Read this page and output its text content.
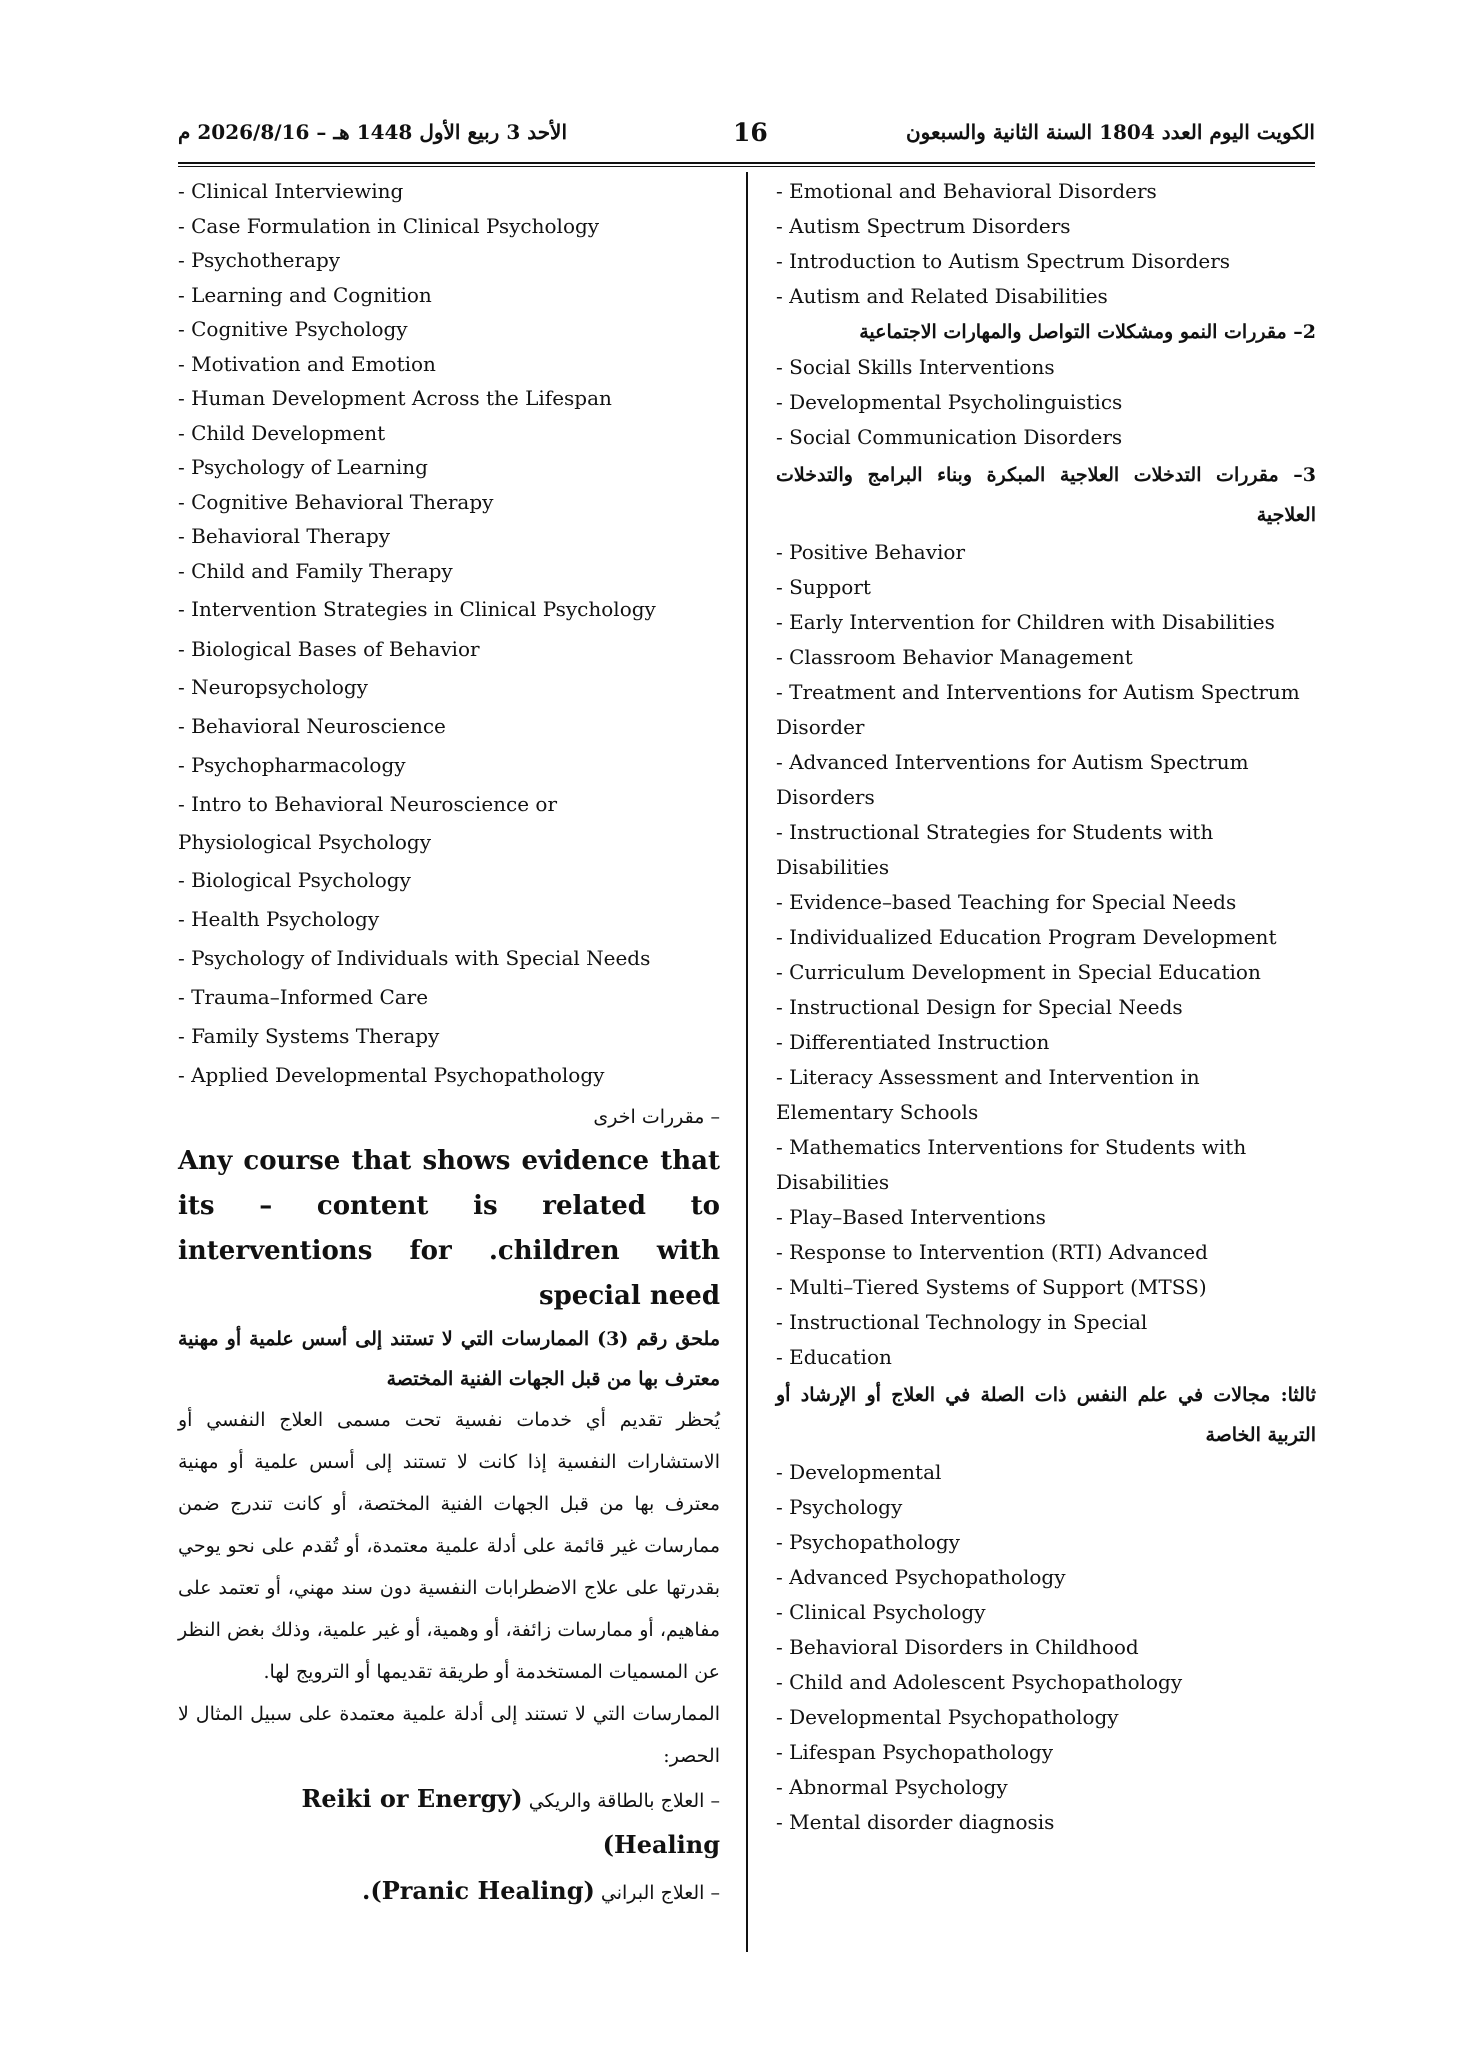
الكويت اليوم العدد 1804 السنة الثانية والسبعون
16
الأحد 3 ربيع الأول 1448 هـ – 2026/8/16 م
- Emotional and Behavioral Disorders
- Autism Spectrum Disorders
- Introduction to Autism Spectrum Disorders
- Autism and Related Disabilities
2– مقررات النمو ومشكلات التواصل والمهارات الاجتماعية
- Social Skills Interventions
- Developmental Psycholinguistics
- Social Communication Disorders
3– مقررات التدخلات العلاجية المبكرة وبناء البرامج والتدخلات العلاجية
- Positive Behavior
- Support
- Early Intervention for Children with Disabilities
- Classroom Behavior Management
- Treatment and Interventions for Autism Spectrum Disorder
- Advanced Interventions for Autism Spectrum Disorders
- Instructional Strategies for Students with Disabilities
- Evidence–based Teaching for Special Needs
- Individualized Education Program Development
- Curriculum Development in Special Education
- Instructional Design for Special Needs
- Differentiated Instruction
- Literacy Assessment and Intervention in Elementary Schools
- Mathematics Interventions for Students with Disabilities
- Play–Based Interventions
- Response to Intervention (RTI) Advanced
- Multi–Tiered Systems of Support (MTSS)
- Instructional Technology in Special
- Education
ثالثا: مجالات في علم النفس ذات الصلة في العلاج أو الإرشاد أو التربية الخاصة
- Developmental
- Psychology
- Psychopathology
- Advanced Psychopathology
- Clinical Psychology
- Behavioral Disorders in Childhood
- Child and Adolescent Psychopathology
- Developmental Psychopathology
- Lifespan Psychopathology
- Abnormal Psychology
- Mental disorder diagnosis
- Clinical Interviewing
- Case Formulation in Clinical Psychology
- Psychotherapy
- Learning and Cognition
- Cognitive Psychology
- Motivation and Emotion
- Human Development Across the Lifespan
- Child Development
- Psychology of Learning
- Cognitive Behavioral Therapy
- Behavioral Therapy
- Child and Family Therapy
- Intervention Strategies in Clinical Psychology
- Biological Bases of Behavior
- Neuropsychology
- Behavioral Neuroscience
- Psychopharmacology
- Intro to Behavioral Neuroscience or Physiological Psychology
- Biological Psychology
- Health Psychology
- Psychology of Individuals with Special Needs
- Trauma–Informed Care
- Family Systems Therapy
- Applied Developmental Psychopathology
– مقررات اخرى
Any course that shows evidence that its – content is related to interventions for .children with special need
ملحق رقم (3) الممارسات التي لا تستند إلى أسس علمية أو مهنية معترف بها من قبل الجهات الفنية المختصة
يُحظر تقديم أي خدمات نفسية تحت مسمى العلاج النفسي أو الاستشارات النفسية إذا كانت لا تستند إلى أسس علمية أو مهنية معترف بها من قبل الجهات الفنية المختصة، أو كانت تندرج ضمن ممارسات غير قائمة على أدلة علمية معتمدة، أو تُقدم على نحو يوحي بقدرتها على علاج الاضطرابات النفسية دون سند مهني، أو تعتمد على مفاهيم، أو ممارسات زائفة، أو وهمية، أو غير علمية، وذلك بغض النظر عن المسميات المستخدمة أو طريقة تقديمها أو الترويج لها.
الممارسات التي لا تستند إلى أدلة علمية معتمدة على سبيل المثال لا الحصر:
– العلاج بالطاقة والريكي (Reiki or Energy Healing)
– العلاج البراني (Pranic Healing).
